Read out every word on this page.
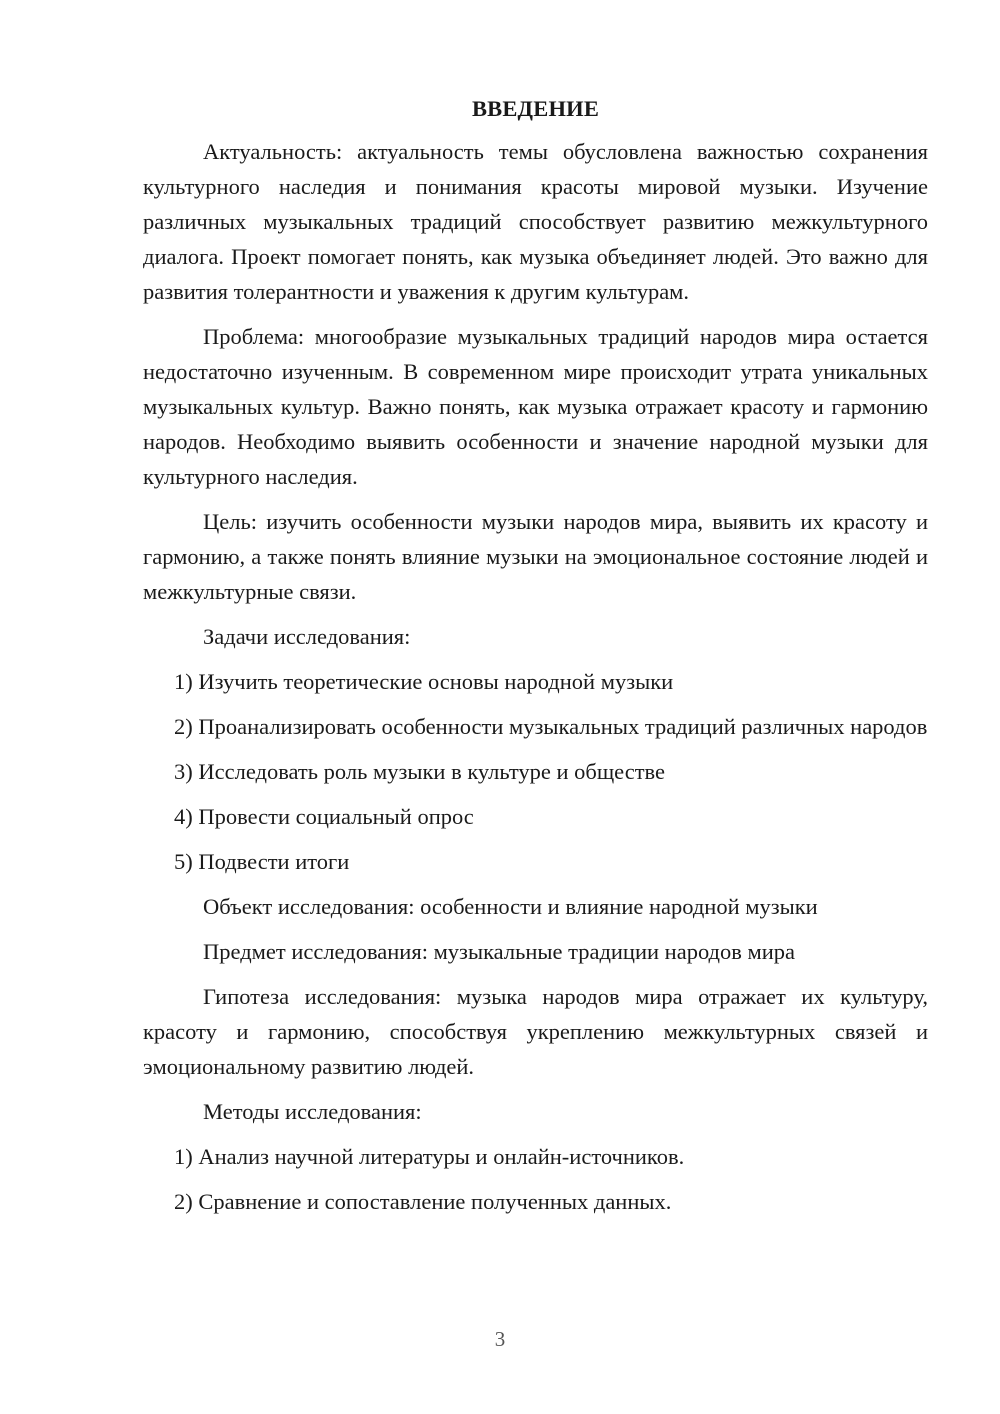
ВВЕДЕНИЕ

Актуальность: актуальность темы обусловлена важностью сохранения культурного наследия и понимания красоты мировой музыки. Изучение различных музыкальных традиций способствует развитию межкультурного диалога. Проект помогает понять, как музыка объединяет людей. Это важно для развития толерантности и уважения к другим культурам.

Проблема: многообразие музыкальных традиций народов мира остается недостаточно изученным. В современном мире происходит утрата уникальных музыкальных культур. Важно понять, как музыка отражает красоту и гармонию народов. Необходимо выявить особенности и значение народной музыки для культурного наследия.

Цель: изучить особенности музыки народов мира, выявить их красоту и гармонию, а также понять влияние музыки на эмоциональное состояние людей и межкультурные связи.

Задачи исследования:

1) Изучить теоретические основы народной музыки

2) Проанализировать особенности музыкальных традиций различных народов

3) Исследовать роль музыки в культуре и обществе

4) Провести социальный опрос

5) Подвести итоги

Объект исследования: особенности и влияние народной музыки

Предмет исследования: музыкальные традиции народов мира

Гипотеза исследования: музыка народов мира отражает их культуру, красоту и гармонию, способствуя укреплению межкультурных связей и эмоциональному развитию людей.

Методы исследования:

1) Анализ научной литературы и онлайн-источников.

2) Сравнение и сопоставление полученных данных.

3
